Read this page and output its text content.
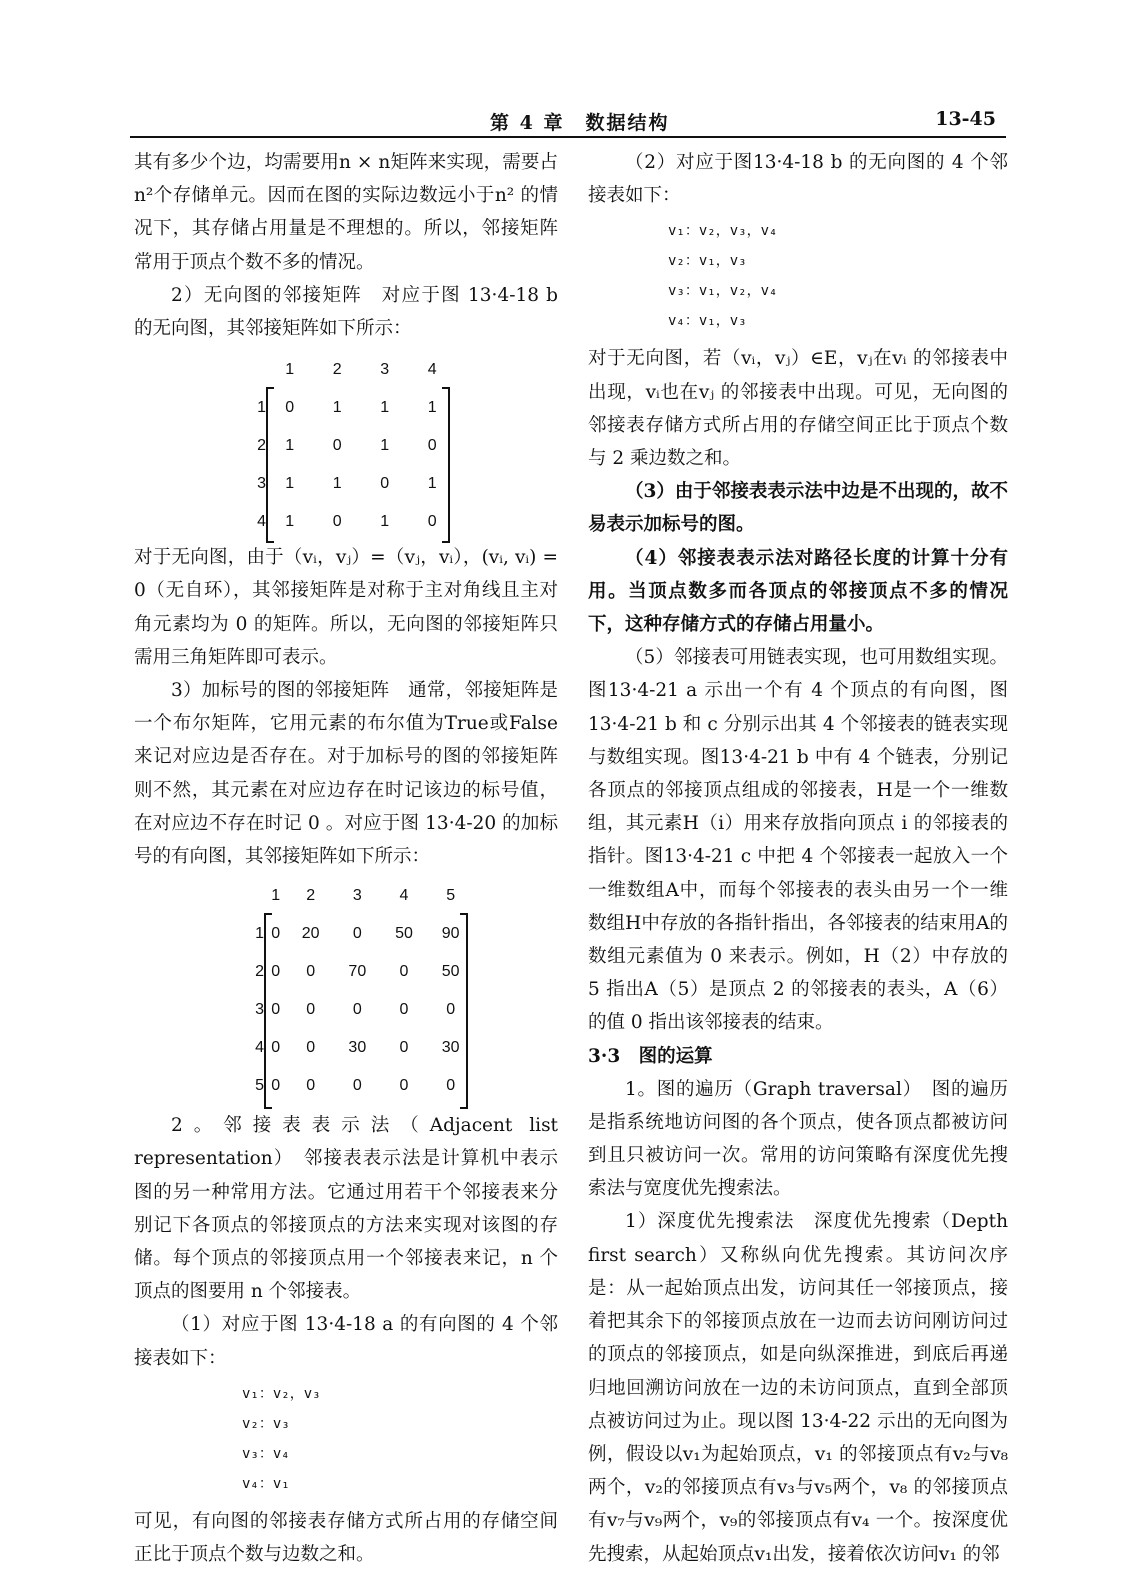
第 4 章　数据结构	13-45

其有多少个边，均需要用n × n矩阵来实现，需要占n²个存储单元。因而在图的实际边数远小于n² 的情况下，其存储占用量是不理想的。所以，邻接矩阵常用于顶点个数不多的情况。

2）无向图的邻接矩阵　对应于图 13·4-18 b 的无向图，其邻接矩阵如下所示：

	1	2	3	4
1	0	1	1	1
2	1	0	1	0
3	1	1	0	1
4	1	0	1	0

对于无向图，由于（vᵢ，vⱼ）=（vⱼ，vᵢ），(vᵢ, vᵢ) = 0（无自环），其邻接矩阵是对称于主对角线且主对角元素均为 0 的矩阵。所以，无向图的邻接矩阵只需用三角矩阵即可表示。

3）加标号的图的邻接矩阵　通常，邻接矩阵是一个布尔矩阵，它用元素的布尔值为True或False来记对应边是否存在。对于加标号的图的邻接矩阵则不然，其元素在对应边存在时记该边的标号值，在对应边不存在时记 0 。对应于图 13·4-20 的加标号的有向图，其邻接矩阵如下所示：

	1	2	3	4	5
1	0	20	0	50	90
2	0	0	70	0	50
3	0	0	0	0	0
4	0	0	30	0	30
5	0	0	0	0	0

2。邻接表表示法（Adjacent list representation）　邻接表表示法是计算机中表示图的另一种常用方法。它通过用若干个邻接表来分别记下各顶点的邻接顶点的方法来实现对该图的存储。每个顶点的邻接顶点用一个邻接表来记，n 个顶点的图要用 n 个邻接表。

（1）对应于图 13·4-18 a 的有向图的 4 个邻接表如下：

v₁：v₂，v₃
v₂：v₃
v₃：v₄
v₄：v₁

可见，有向图的邻接表存储方式所占用的存储空间正比于顶点个数与边数之和。

（2）对应于图13·4-18 b 的无向图的 4 个邻接表如下：

v₁：v₂，v₃，v₄
v₂：v₁，v₃
v₃：v₁，v₂，v₄
v₄：v₁，v₃

对于无向图，若（vᵢ，vⱼ）∈E，vⱼ在vᵢ 的邻接表中出现，vᵢ也在vⱼ 的邻接表中出现。可见，无向图的邻接表存储方式所占用的存储空间正比于顶点个数与 2 乘边数之和。

（3）由于邻接表表示法中边是不出现的，故不易表示加标号的图。

（4）邻接表表示法对路径长度的计算十分有用。当顶点数多而各顶点的邻接顶点不多的情况下，这种存储方式的存储占用量小。

（5）邻接表可用链表实现，也可用数组实现。图13·4-21 a 示出一个有 4 个顶点的有向图，图 13·4-21 b 和 c 分别示出其 4 个邻接表的链表实现与数组实现。图13·4-21 b 中有 4 个链表，分别记各顶点的邻接顶点组成的邻接表，H是一个一维数组，其元素H（i）用来存放指向顶点 i 的邻接表的指针。图13·4-21 c 中把 4 个邻接表一起放入一个一维数组A中，而每个邻接表的表头由另一个一维数组H中存放的各指针指出，各邻接表的结束用A的数组元素值为 0 来表示。例如，H（2）中存放的 5 指出A（5）是顶点 2 的邻接表的表头，A（6）的值 0 指出该邻接表的结束。

3·3　图的运算

1。图的遍历（Graph traversal）　图的遍历是指系统地访问图的各个顶点，使各顶点都被访问到且只被访问一次。常用的访问策略有深度优先搜索法与宽度优先搜索法。

1）深度优先搜索法　深度优先搜索（Depth first search）又称纵向优先搜索。其访问次序是：从一起始顶点出发，访问其任一邻接顶点，接着把其余下的邻接顶点放在一边而去访问刚访问过的顶点的邻接顶点，如是向纵深推进，到底后再递归地回溯访问放在一边的未访问顶点，直到全部顶点被访问过为止。现以图 13·4-22 示出的无向图为例，假设以v₁为起始顶点，v₁ 的邻接顶点有v₂与v₈两个，v₂的邻接顶点有v₃与v₅两个，v₈ 的邻接顶点有v₇与v₉两个，v₉的邻接顶点有v₄ 一个。按深度优先搜索，从起始顶点v₁出发，接着依次访问v₁ 的邻
